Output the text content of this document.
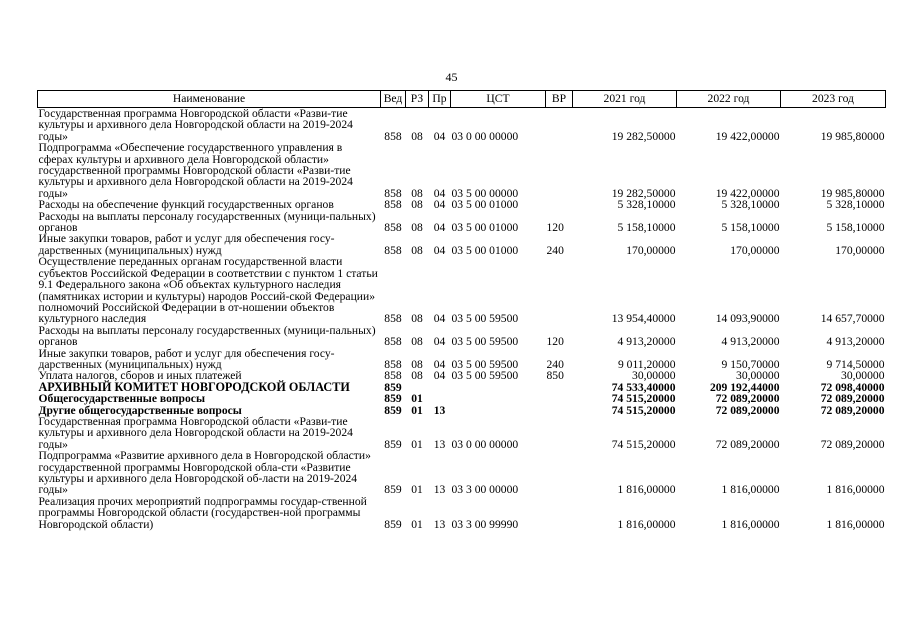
45
Наименование	Вед	РЗ	Пр	ЦСТ	ВР	2021 год	2022 год	2023 год
Государственная программа Новгородской области «Разви-тие культуры и архивного дела Новгородской области на 2019-2024 годы»	858	08	04	03 0 00 00000		19 282,50000	19 422,00000	19 985,80000
Подпрограмма «Обеспечение государственного управления в сферах культуры и архивного дела Новгородской области» государственной программы Новгородской области «Разви-тие культуры и архивного дела Новгородской области на 2019-2024 годы»	858	08	04	03 5 00 00000		19 282,50000	19 422,00000	19 985,80000
Расходы на обеспечение функций государственных органов	858	08	04	03 5 00 01000		5 328,10000	5 328,10000	5 328,10000
Расходы на выплаты персоналу государственных (муници-пальных) органов	858	08	04	03 5 00 01000	120	5 158,10000	5 158,10000	5 158,10000
Иные закупки товаров, работ и услуг для обеспечения госу-дарственных (муниципальных) нужд	858	08	04	03 5 00 01000	240	170,00000	170,00000	170,00000
Осуществление переданных органам государственной власти субъектов Российской Федерации в соответствии с пунктом 1 статьи 9.1 Федерального закона «Об объектах культурного наследия (памятниках истории и культуры) народов Россий-ской Федерации» полномочий Российской Федерации в от-ношении объектов культурного наследия	858	08	04	03 5 00 59500		13 954,40000	14 093,90000	14 657,70000
Расходы на выплаты персоналу государственных (муници-пальных) органов	858	08	04	03 5 00 59500	120	4 913,20000	4 913,20000	4 913,20000
Иные закупки товаров, работ и услуг для обеспечения госу-дарственных (муниципальных) нужд	858	08	04	03 5 00 59500	240	9 011,20000	9 150,70000	9 714,50000
Уплата налогов, сборов и иных платежей	858	08	04	03 5 00 59500	850	30,00000	30,00000	30,00000
АРХИВНЫЙ КОМИТЕТ НОВГОРОДСКОЙ ОБЛАСТИ	859					74 533,40000	209 192,44000	72 098,40000
Общегосударственные вопросы	859	01				74 515,20000	72 089,20000	72 089,20000
Другие общегосударственные вопросы	859	01	13			74 515,20000	72 089,20000	72 089,20000
Государственная программа Новгородской области «Разви-тие культуры и архивного дела Новгородской области на 2019-2024 годы»	859	01	13	03 0 00 00000		74 515,20000	72 089,20000	72 089,20000
Подпрограмма «Развитие архивного дела в Новгородской области» государственной программы Новгородской обла-сти «Развитие культуры и архивного дела Новгородской об-ласти на 2019-2024 годы»	859	01	13	03 3 00 00000		1 816,00000	1 816,00000	1 816,00000
Реализация прочих мероприятий подпрограммы государ-ственной программы Новгородской области (государствен-ной программы Новгородской области)	859	01	13	03 3 00 99990		1 816,00000	1 816,00000	1 816,00000
